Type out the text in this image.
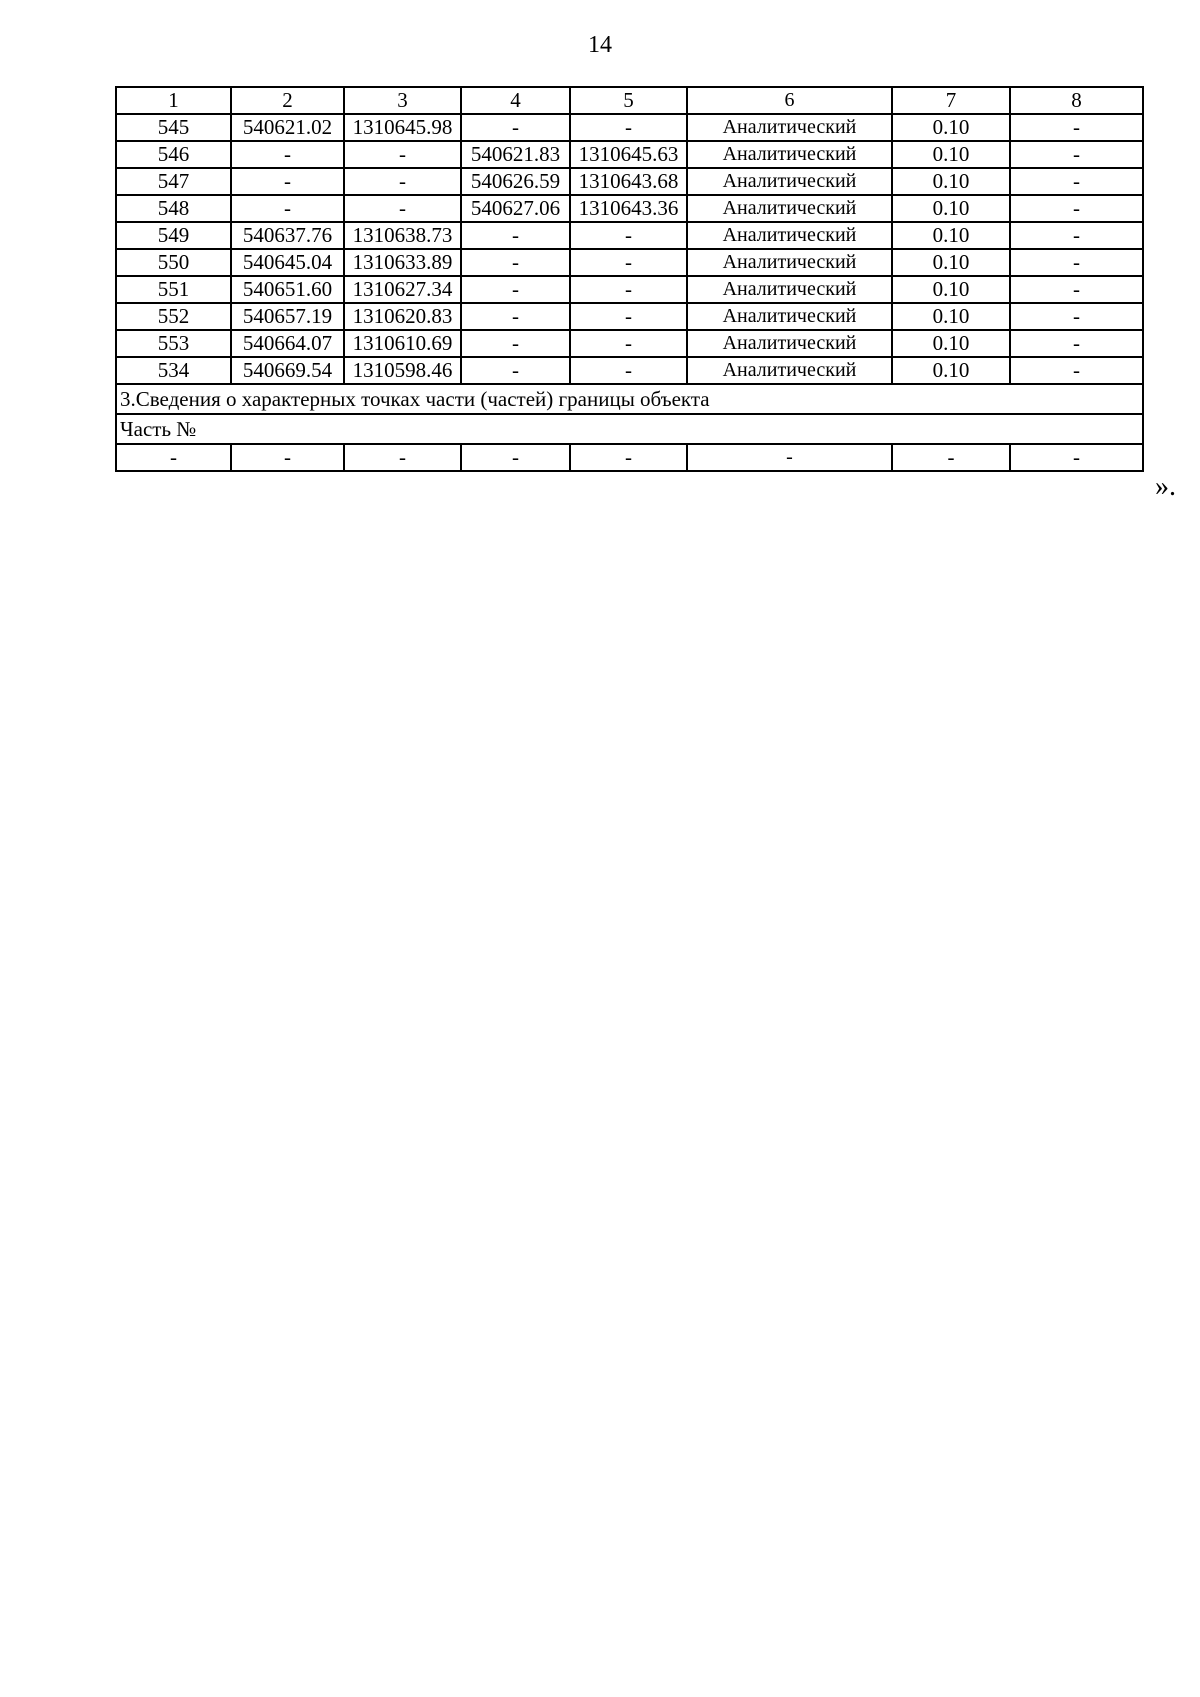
14
1	2	3	4	5	6	7	8
545	540621.02	1310645.98	-	-	Аналитический	0.10	-
546	-	-	540621.83	1310645.63	Аналитический	0.10	-
547	-	-	540626.59	1310643.68	Аналитический	0.10	-
548	-	-	540627.06	1310643.36	Аналитический	0.10	-
549	540637.76	1310638.73	-	-	Аналитический	0.10	-
550	540645.04	1310633.89	-	-	Аналитический	0.10	-
551	540651.60	1310627.34	-	-	Аналитический	0.10	-
552	540657.19	1310620.83	-	-	Аналитический	0.10	-
553	540664.07	1310610.69	-	-	Аналитический	0.10	-
534	540669.54	1310598.46	-	-	Аналитический	0.10	-
3.Сведения о характерных точках части (частей) границы объекта							
Часть №							
-	-	-	-	-	-	-	-
».
